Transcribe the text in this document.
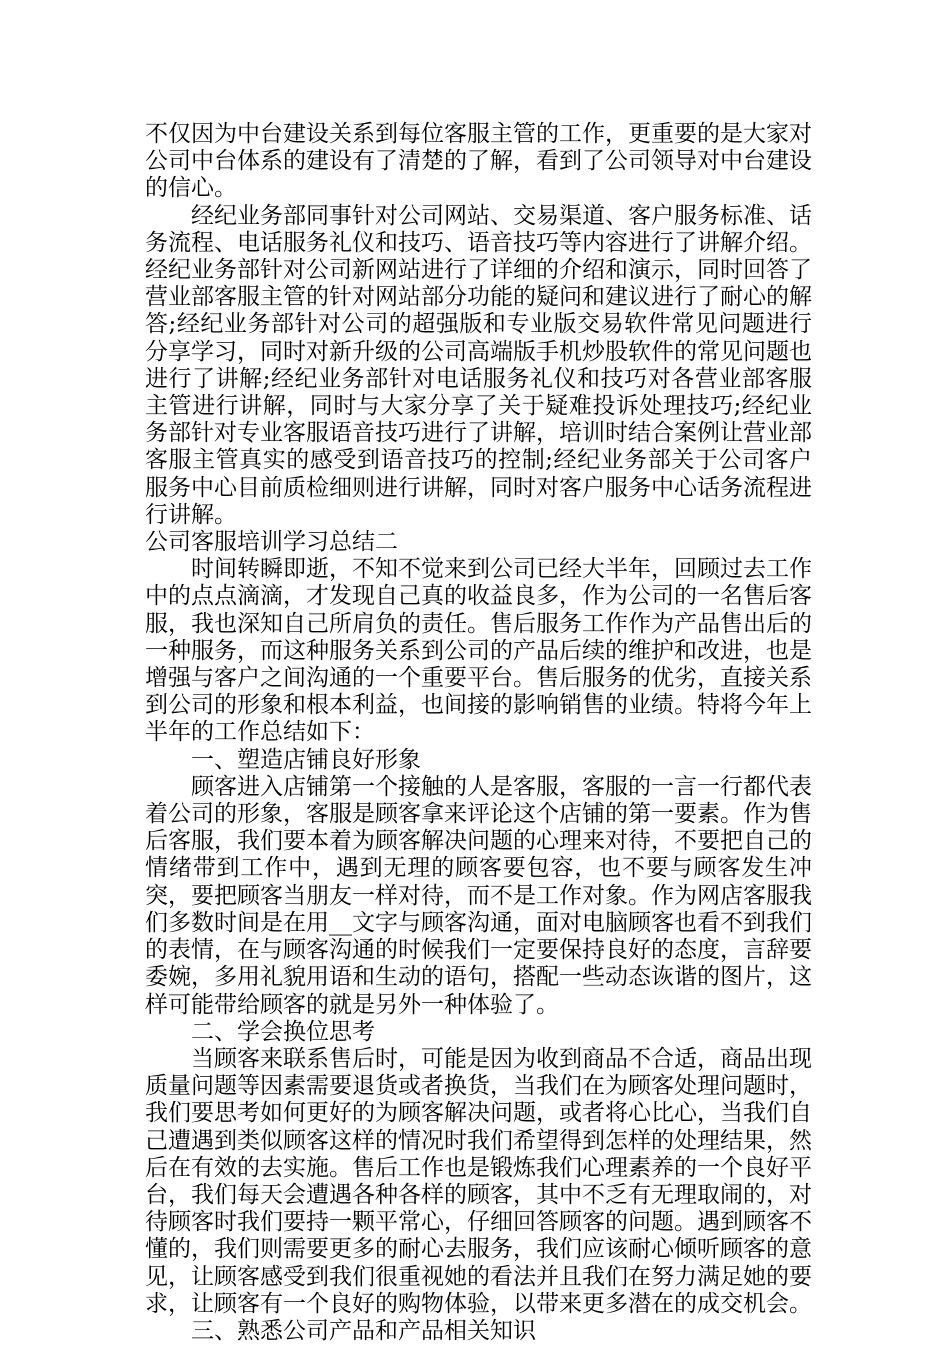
不仅因为中台建设关系到每位客服主管的工作，更重要的是大家对公司中台体系的建设有了清楚的了解，看到了公司领导对中台建设的信心。

经纪业务部同事针对公司网站、交易渠道、客户服务标准、话务流程、电话服务礼仪和技巧、语音技巧等内容进行了讲解介绍。经纪业务部针对公司新网站进行了详细的介绍和演示，同时回答了营业部客服主管的针对网站部分功能的疑问和建议进行了耐心的解答;经纪业务部针对公司的超强版和专业版交易软件常见问题进行分享学习，同时对新升级的公司高端版手机炒股软件的常见问题也进行了讲解;经纪业务部针对电话服务礼仪和技巧对各营业部客服主管进行讲解，同时与大家分享了关于疑难投诉处理技巧;经纪业务部针对专业客服语音技巧进行了讲解，培训时结合案例让营业部客服主管真实的感受到语音技巧的控制;经纪业务部关于公司客户服务中心目前质检细则进行讲解，同时对客户服务中心话务流程进行讲解。

公司客服培训学习总结二

时间转瞬即逝，不知不觉来到公司已经大半年，回顾过去工作中的点点滴滴，才发现自己真的收益良多，作为公司的一名售后客服，我也深知自己所肩负的责任。售后服务工作作为产品售出后的一种服务，而这种服务关系到公司的产品后续的维护和改进，也是增强与客户之间沟通的一个重要平台。售后服务的优劣，直接关系到公司的形象和根本利益，也间接的影响销售的业绩。特将今年上半年的工作总结如下：

一、塑造店铺良好形象

顾客进入店铺第一个接触的人是客服，客服的一言一行都代表着公司的形象，客服是顾客拿来评论这个店铺的第一要素。作为售后客服，我们要本着为顾客解决问题的心理来对待，不要把自己的情绪带到工作中，遇到无理的顾客要包容，也不要与顾客发生冲突，要把顾客当朋友一样对待，而不是工作对象。作为网店客服我们多数时间是在用__文字与顾客沟通，面对电脑顾客也看不到我们的表情，在与顾客沟通的时候我们一定要保持良好的态度，言辞要委婉，多用礼貌用语和生动的语句，搭配一些动态诙谐的图片，这样可能带给顾客的就是另外一种体验了。

二、学会换位思考

当顾客来联系售后时，可能是因为收到商品不合适，商品出现质量问题等因素需要退货或者换货，当我们在为顾客处理问题时，我们要思考如何更好的为顾客解决问题，或者将心比心，当我们自己遭遇到类似顾客这样的情况时我们希望得到怎样的处理结果，然后在有效的去实施。售后工作也是锻炼我们心理素养的一个良好平台，我们每天会遭遇各种各样的顾客，其中不乏有无理取闹的，对待顾客时我们要持一颗平常心，仔细回答顾客的问题。遇到顾客不懂的，我们则需要更多的耐心去服务，我们应该耐心倾听顾客的意见，让顾客感受到我们很重视她的看法并且我们在努力满足她的要求，让顾客有一个良好的购物体验，以带来更多潜在的成交机会。

三、熟悉公司产品和产品相关知识
